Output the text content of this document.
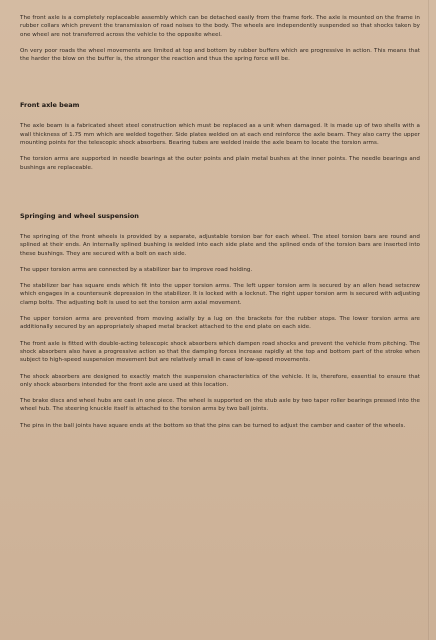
The front axle is a completely replaceable assembly which can be detached easily from the frame fork. The axle is mounted on the frame in rubber collars which prevent the transmission of road noises to the body. The wheels are independently suspended so that shocks taken by one wheel are not transferred across the vehicle to the opposite wheel.

On very poor roads the wheel movements are limited at top and bottom by rubber buffers which are progressive in action. This means that the harder the blow on the buffer is, the stronger the reaction and thus the spring force will be.

Front axle beam

The axle beam is a fabricated sheet steel construction which must be replaced as a unit when damaged. It is made up of two shells with a wall thickness of 1.75 mm which are welded together. Side plates welded on at each end reinforce the axle beam. They also carry the upper mounting points for the telescopic shock absorbers. Bearing tubes are welded inside the axle beam to locate the torsion arms.

The torsion arms are supported in needle bearings at the outer points and plain metal bushes at the inner points. The needle bearings and bushings are replaceable.

Springing and wheel suspension

The springing of the front wheels is provided by a separate, adjustable torsion bar for each wheel. The steel torsion bars are round and splined at their ends. An internally splined bushing is welded into each side plate and the splined ends of the torsion bars are inserted into these bushings. They are secured with a bolt on each side.

The upper torsion arms are connected by a stabilizer bar to improve road holding.

The stabilizer bar has square ends which fit into the upper torsion arms. The left upper torsion arm is secured by an allen head setscrew which engages in a countersunk depression in the stabilizer. It is locked with a locknut. The right upper torsion arm is secured with adjusting clamp bolts. The adjusting bolt is used to set the torsion arm axial movement.

The upper torsion arms are prevented from moving axially by a lug on the brackets for the rubber stops. The lower torsion arms are additionally secured by an appropriately shaped metal bracket attached to the end plate on each side.

The front axle is fitted with double-acting telescopic shock absorbers which dampen road shocks and prevent the vehicle from pitching. The shock absorbers also have a progressive action so that the damping forces increase rapidly at the top and bottom part of the stroke when subject to high-speed suspension movement but are relatively small in case of low-speed movements.

The shock absorbers are designed to exactly match the suspension characteristics of the vehicle. It is, therefore, essential to ensure that only shock absorbers intended for the front axle are used at this location.

The brake discs and wheel hubs are cast in one piece. The wheel is supported on the stub axle by two taper roller bearings pressed into the wheel hub. The steering knuckle itself is attached to the torsion arms by two ball joints.

The pins in the ball joints have square ends at the bottom so that the pins can be turned to adjust the camber and caster of the wheels.
